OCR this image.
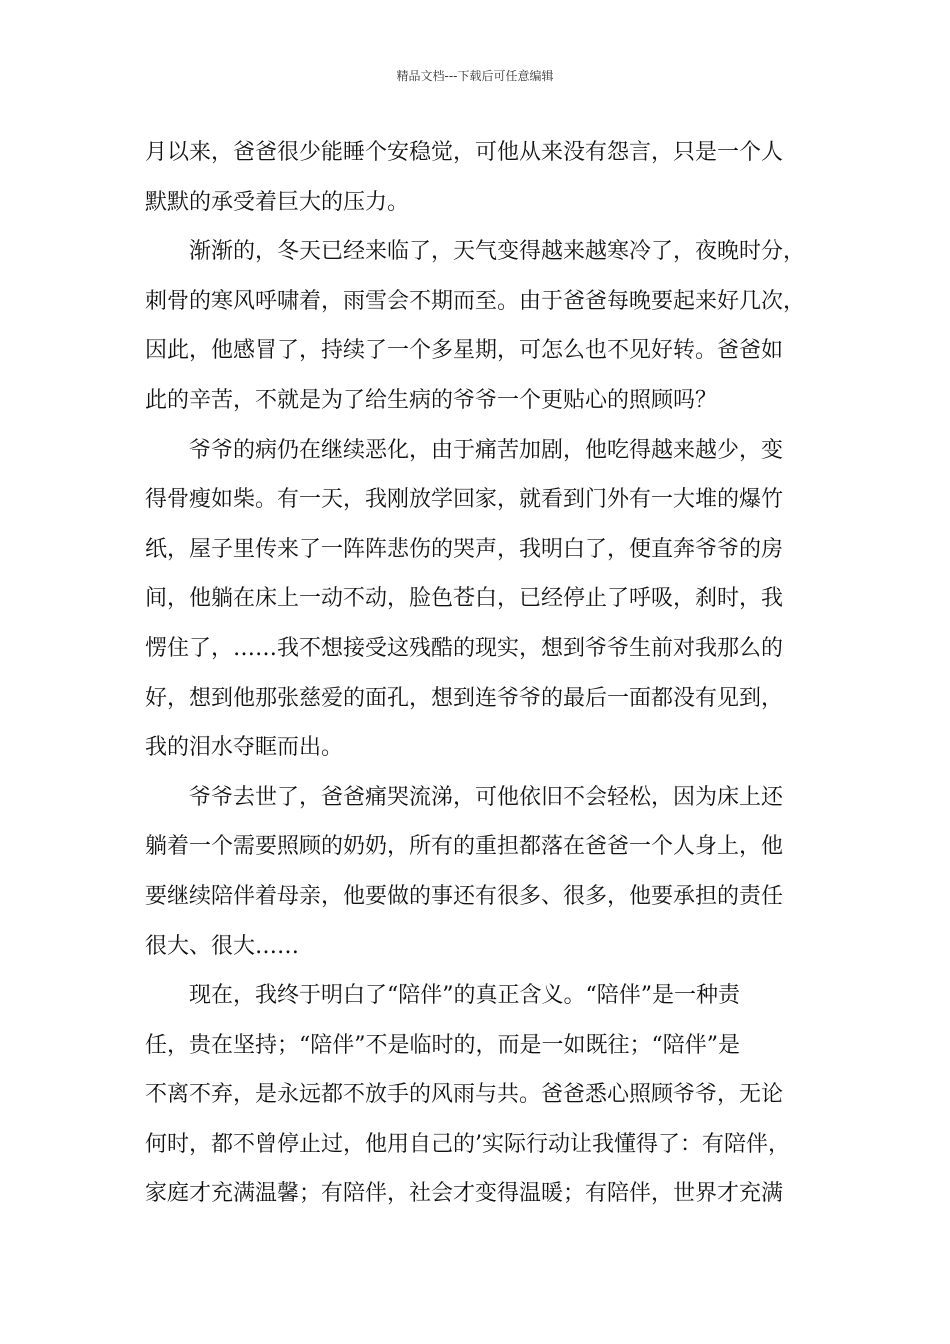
精品文档---下载后可任意编辑
月以来，爸爸很少能睡个安稳觉，可他从来没有怨言，只是一个人
默默的承受着巨大的压力。
渐渐的，冬天已经来临了，天气变得越来越寒冷了，夜晚时分，
刺骨的寒风呼啸着，雨雪会不期而至。由于爸爸每晚要起来好几次，
因此，他感冒了，持续了一个多星期，可怎么也不见好转。爸爸如
此的辛苦，不就是为了给生病的爷爷一个更贴心的照顾吗？
爷爷的病仍在继续恶化，由于痛苦加剧，他吃得越来越少，变
得骨瘦如柴。有一天，我刚放学回家，就看到门外有一大堆的爆竹
纸，屋子里传来了一阵阵悲伤的哭声，我明白了，便直奔爷爷的房
间，他躺在床上一动不动，脸色苍白，已经停止了呼吸，刹时，我
愣住了，……我不想接受这残酷的现实，想到爷爷生前对我那么的
好，想到他那张慈爱的面孔，想到连爷爷的最后一面都没有见到，
我的泪水夺眶而出。
爷爷去世了，爸爸痛哭流涕，可他依旧不会轻松，因为床上还
躺着一个需要照顾的奶奶，所有的重担都落在爸爸一个人身上，他
要继续陪伴着母亲，他要做的事还有很多、很多，他要承担的责任
很大、很大……
现在，我终于明白了“陪伴”的真正含义。“陪伴”是一种责
任，贵在坚持；“陪伴”不是临时的，而是一如既往；“陪伴”是
不离不弃，是永远都不放手的风雨与共。爸爸悉心照顾爷爷，无论
何时，都不曾停止过，他用自己的’实际行动让我懂得了：有陪伴，
家庭才充满温馨；有陪伴，社会才变得温暖；有陪伴，世界才充满
